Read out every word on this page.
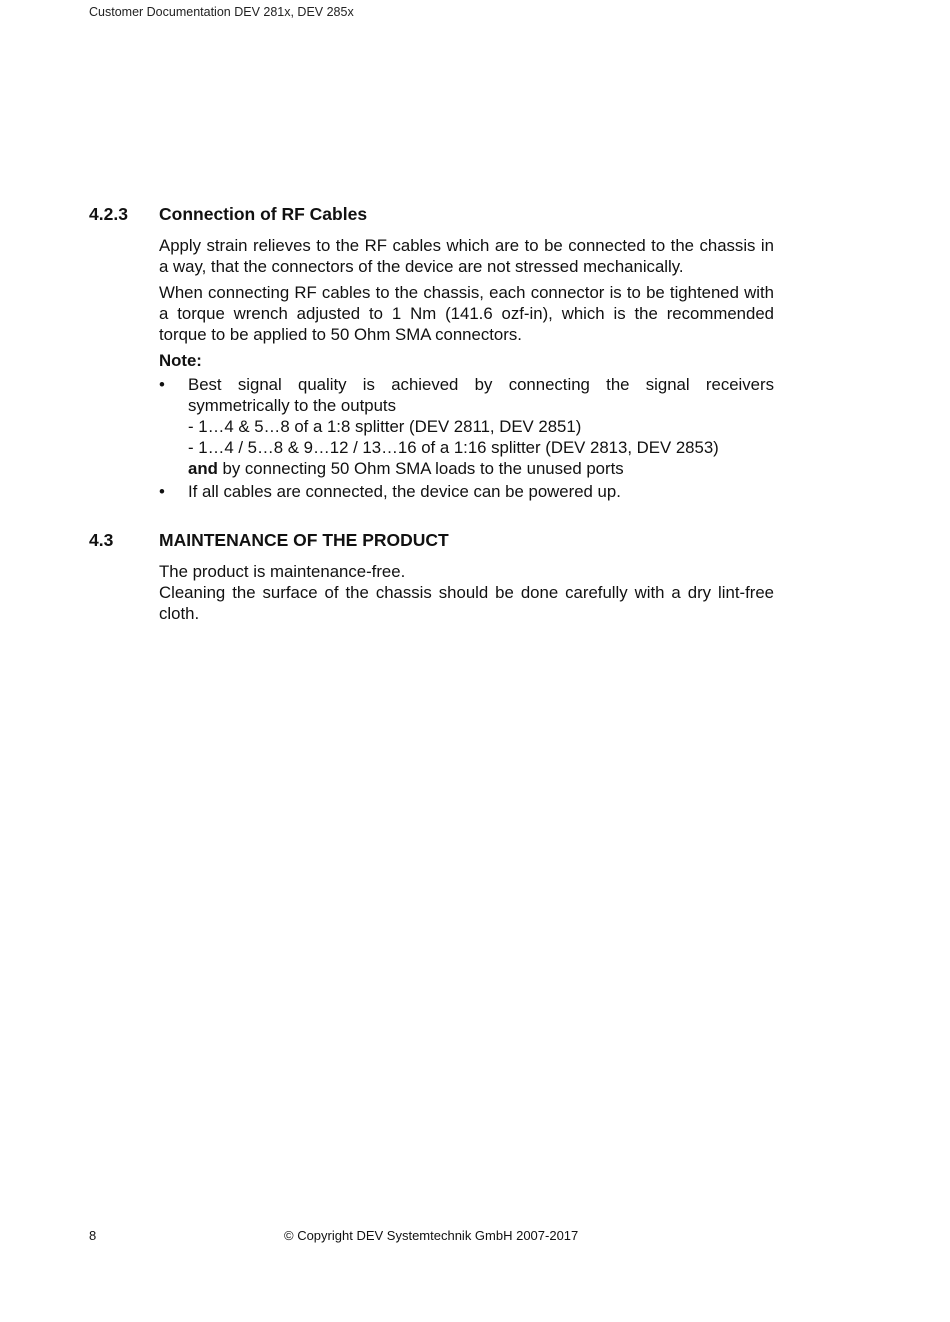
Customer Documentation DEV 281x, DEV 285x
4.2.3 Connection of RF Cables

Apply strain relieves to the RF cables which are to be connected to the chassis in a way, that the connectors of the device are not stressed mechanically.

When connecting RF cables to the chassis, each connector is to be tightened with a torque wrench adjusted to 1 Nm (141.6 ozf-in), which is the recommended torque to be applied to 50 Ohm SMA connectors.

Note:
• Best signal quality is achieved by connecting the signal receivers symmetrically to the outputs
- 1…4 & 5…8 of a 1:8 splitter (DEV 2811, DEV 2851)
- 1…4 / 5…8 & 9…12 / 13…16 of a 1:16 splitter (DEV 2813, DEV 2853)
and by connecting 50 Ohm SMA loads to the unused ports
• If all cables are connected, the device can be powered up.
4.3	MAINTENANCE OF THE PRODUCT
The product is maintenance-free.
Cleaning the surface of the chassis should be done carefully with a dry lint-free cloth.
8	© Copyright DEV Systemtechnik GmbH 2007-2017
